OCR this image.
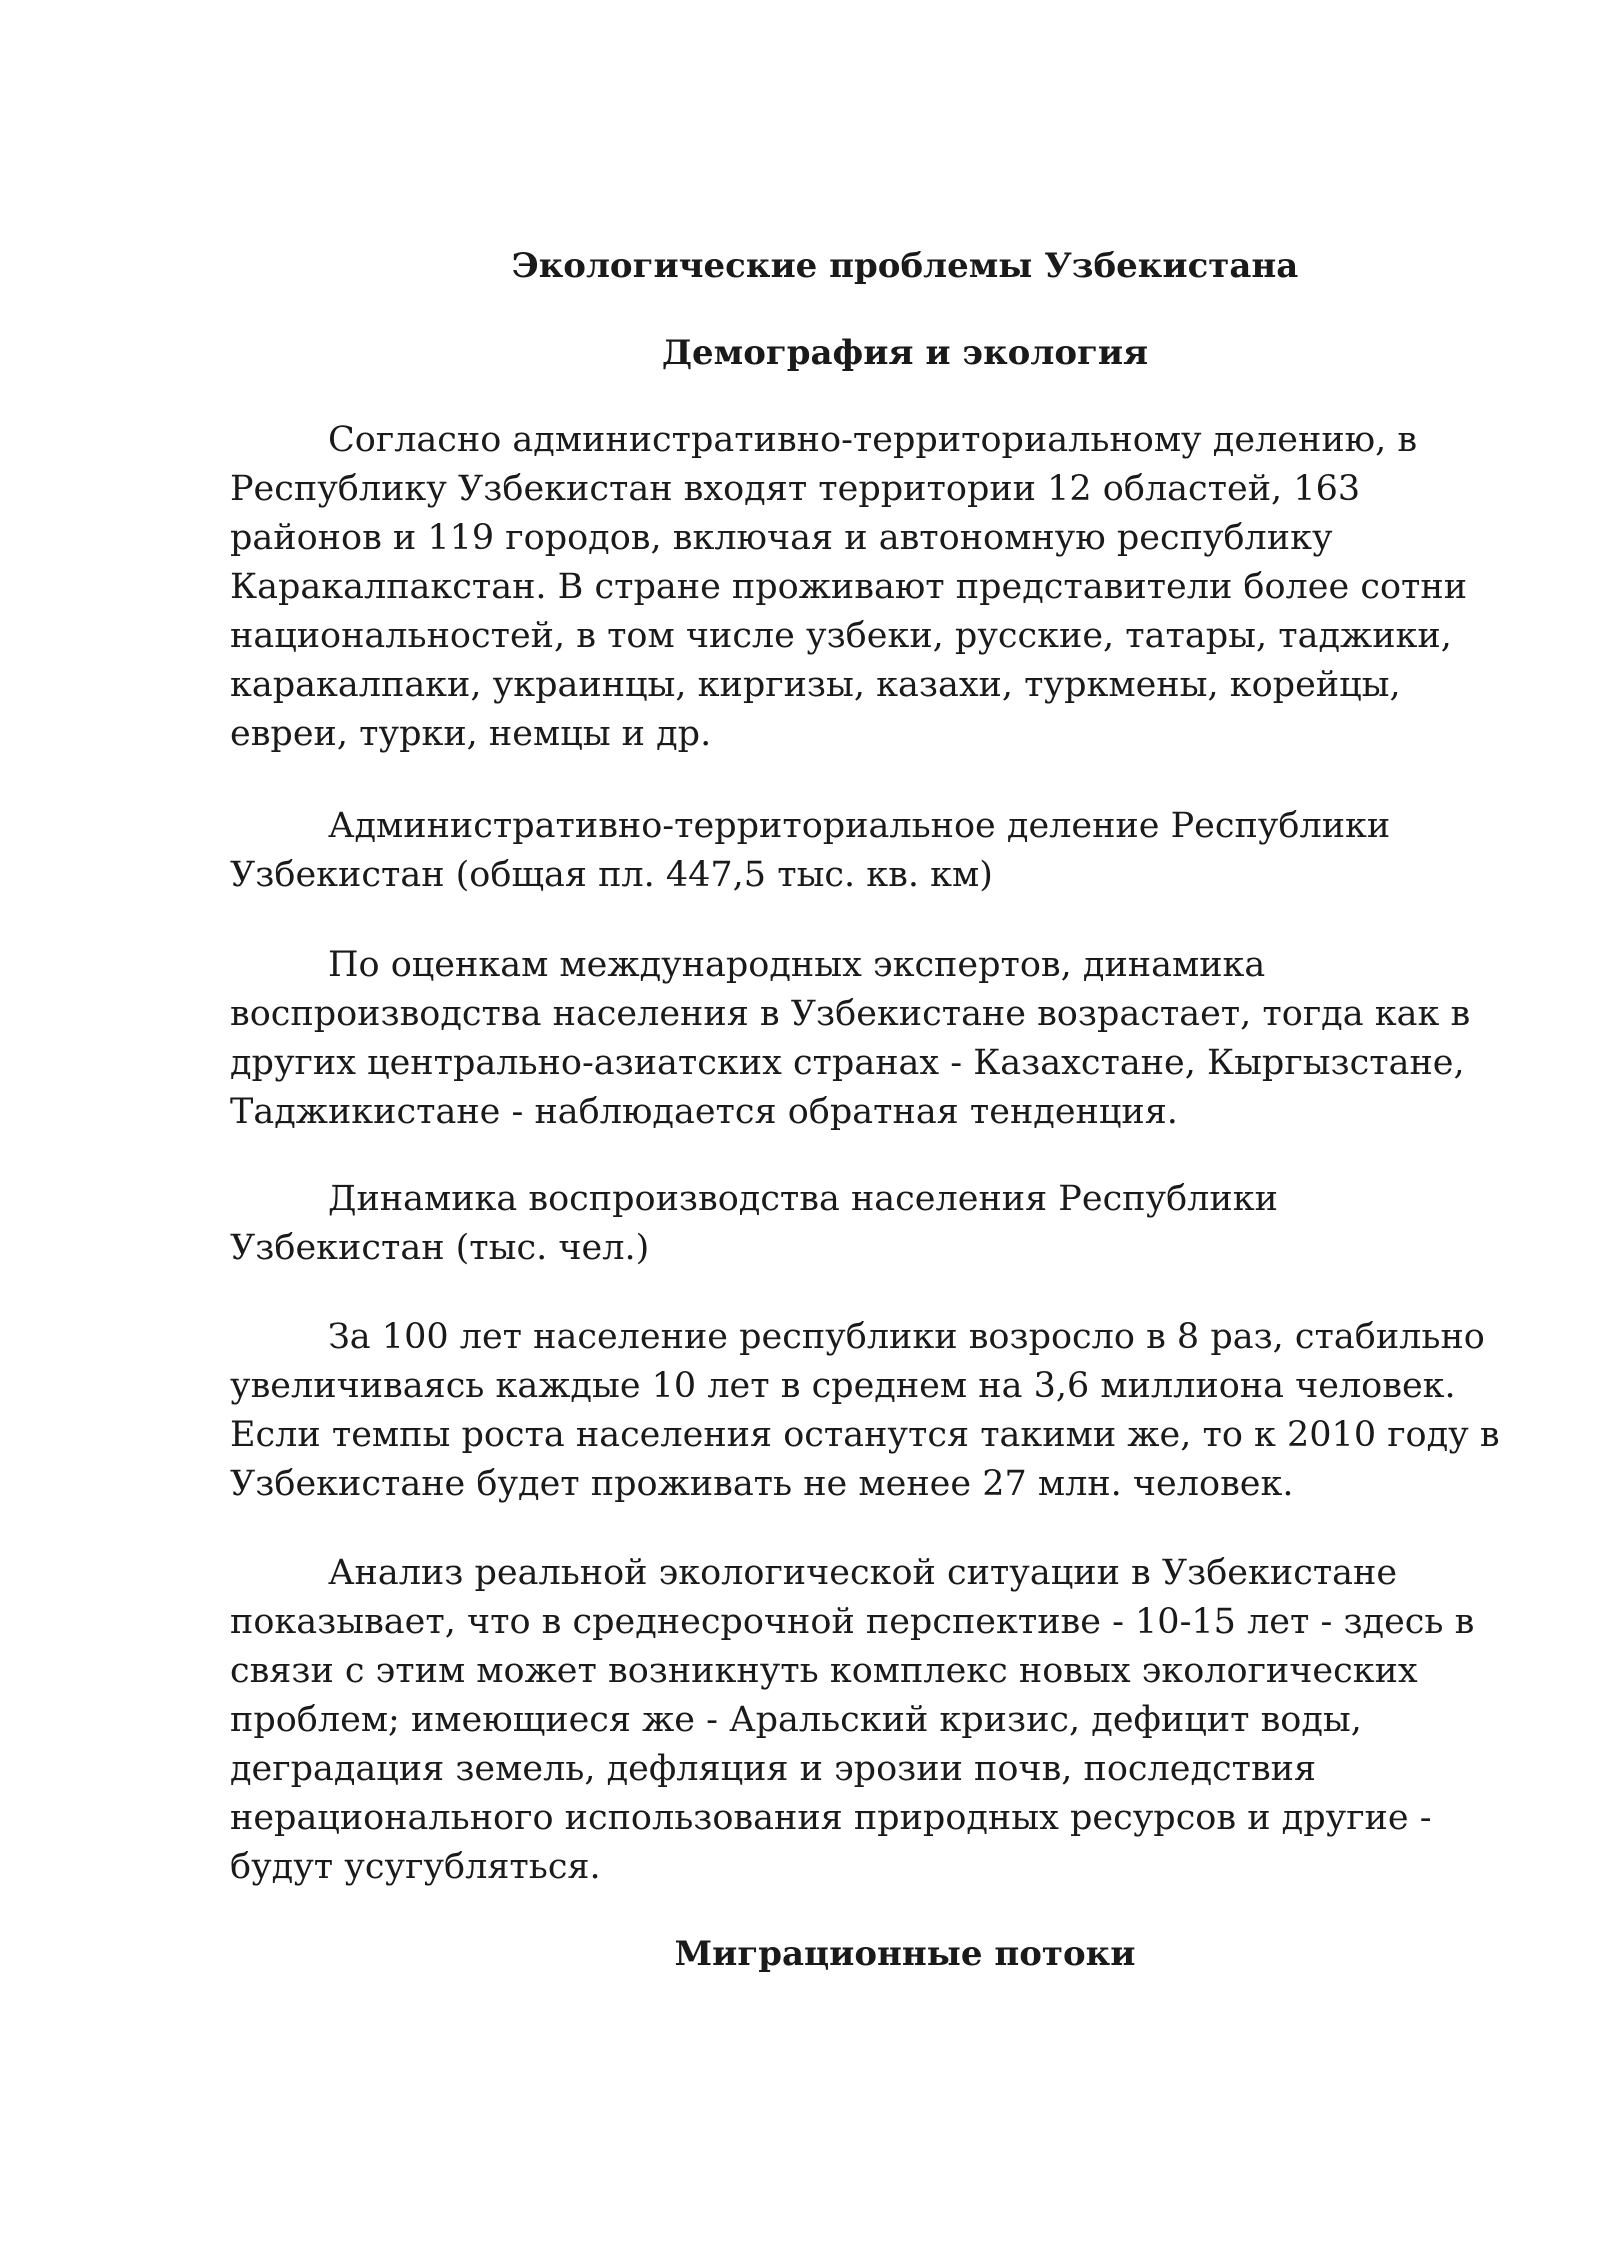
Экологические проблемы Узбекистана
Демография и экология

Согласно административно-территориальному делению, в
Республику Узбекистан входят территории 12 областей, 163
районов и 119 городов, включая и автономную республику
Каракалпакстан. В стране проживают представители более сотни
национальностей, в том числе узбеки, русские, татары, таджики,
каракалпаки, украинцы, киргизы, казахи, туркмены, корейцы,
евреи, турки, немцы и др.

Административно-территориальное деление Республики
Узбекистан (общая пл. 447,5 тыс. кв. км)

По оценкам международных экспертов, динамика
воспроизводства населения в Узбекистане возрастает, тогда как в
других центрально-азиатских странах - Казахстане, Кыргызстане,
Таджикистане - наблюдается обратная тенденция.

Динамика воспроизводства населения Республики
Узбекистан (тыс. чел.)

За 100 лет население республики возросло в 8 раз, стабильно
увеличиваясь каждые 10 лет в среднем на 3,6 миллиона человек.
Если темпы роста населения останутся такими же, то к 2010 году в
Узбекистане будет проживать не менее 27 млн. человек.

Анализ реальной экологической ситуации в Узбекистане
показывает, что в среднесрочной перспективе - 10-15 лет - здесь в
связи с этим может возникнуть комплекс новых экологических
проблем; имеющиеся же - Аральский кризис, дефицит воды,
деградация земель, дефляция и эрозии почв, последствия
нерационального использования природных ресурсов и другие -
будут усугубляться.

Миграционные потоки
